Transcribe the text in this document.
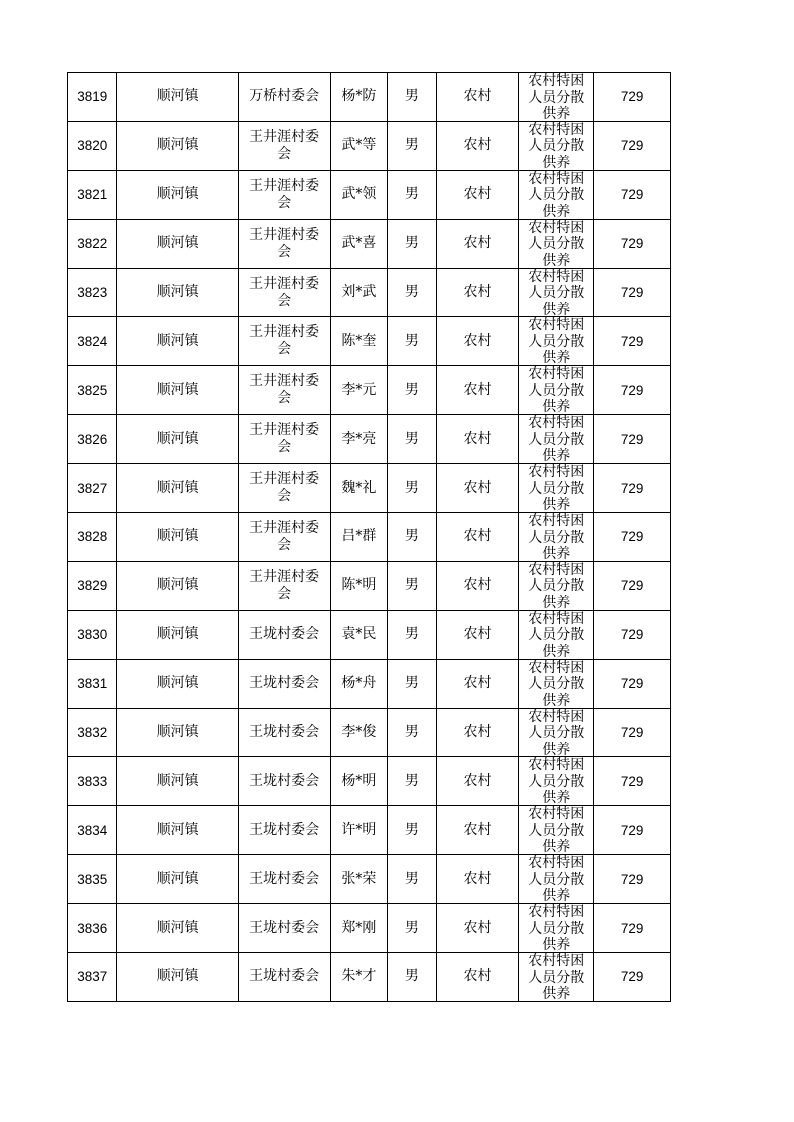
3819	顺河镇	万桥村委会	杨*防	男	农村	农村特困人员分散供养	729
3820	顺河镇	王井涯村委会	武*等	男	农村	农村特困人员分散供养	729
3821	顺河镇	王井涯村委会	武*领	男	农村	农村特困人员分散供养	729
3822	顺河镇	王井涯村委会	武*喜	男	农村	农村特困人员分散供养	729
3823	顺河镇	王井涯村委会	刘*武	男	农村	农村特困人员分散供养	729
3824	顺河镇	王井涯村委会	陈*奎	男	农村	农村特困人员分散供养	729
3825	顺河镇	王井涯村委会	李*元	男	农村	农村特困人员分散供养	729
3826	顺河镇	王井涯村委会	李*亮	男	农村	农村特困人员分散供养	729
3827	顺河镇	王井涯村委会	魏*礼	男	农村	农村特困人员分散供养	729
3828	顺河镇	王井涯村委会	吕*群	男	农村	农村特困人员分散供养	729
3829	顺河镇	王井涯村委会	陈*明	男	农村	农村特困人员分散供养	729
3830	顺河镇	王垅村委会	袁*民	男	农村	农村特困人员分散供养	729
3831	顺河镇	王垅村委会	杨*舟	男	农村	农村特困人员分散供养	729
3832	顺河镇	王垅村委会	李*俊	男	农村	农村特困人员分散供养	729
3833	顺河镇	王垅村委会	杨*明	男	农村	农村特困人员分散供养	729
3834	顺河镇	王垅村委会	许*明	男	农村	农村特困人员分散供养	729
3835	顺河镇	王垅村委会	张*荣	男	农村	农村特困人员分散供养	729
3836	顺河镇	王垅村委会	郑*刚	男	农村	农村特困人员分散供养	729
3837	顺河镇	王垅村委会	朱*才	男	农村	农村特困人员分散供养	729
